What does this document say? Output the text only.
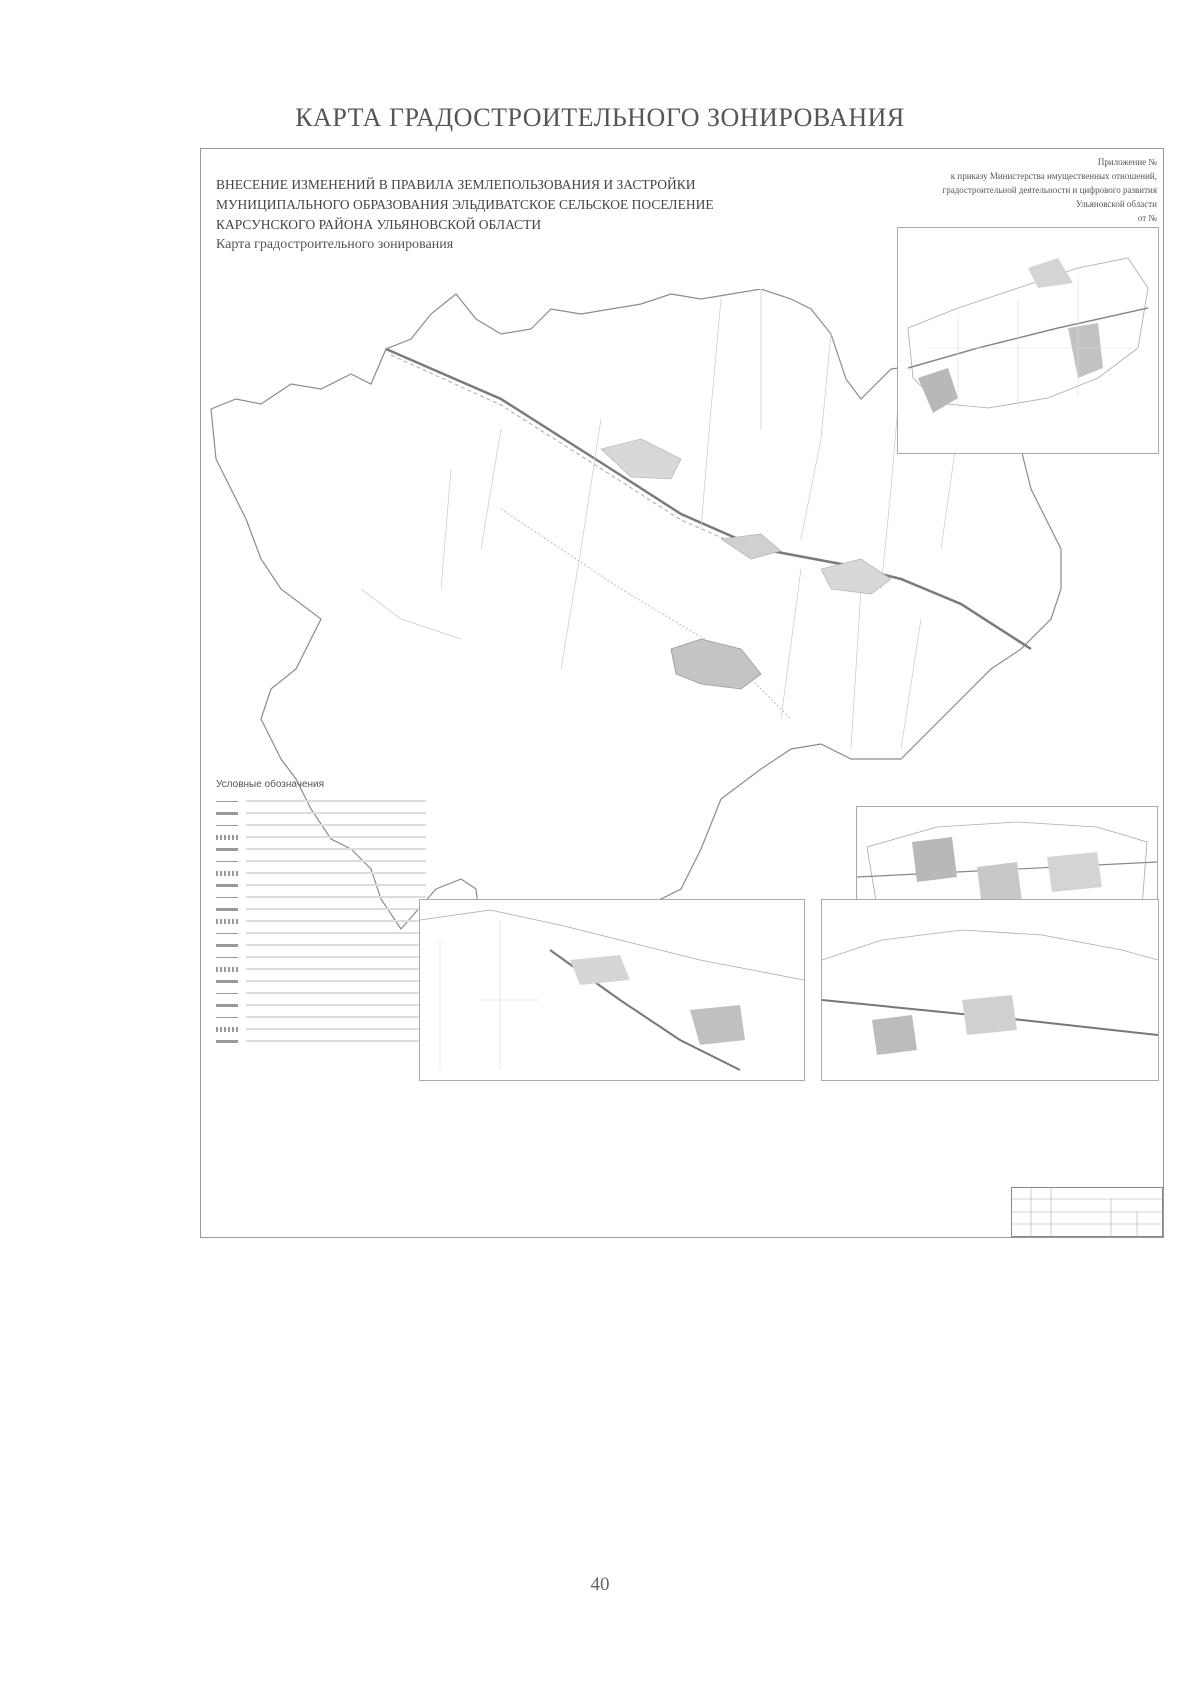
КАРТА ГРАДОСТРОИТЕЛЬНОГО ЗОНИРОВАНИЯ
ВНЕСЕНИЕ ИЗМЕНЕНИЙ В ПРАВИЛА ЗЕМЛЕПОЛЬЗОВАНИЯ И ЗАСТРОЙКИ
МУНИЦИПАЛЬНОГО ОБРАЗОВАНИЯ ЭЛЬДИВАТСКОЕ СЕЛЬСКОЕ ПОСЕЛЕНИЕ
КАРСУНСКОГО РАЙОНА УЛЬЯНОВСКОЙ ОБЛАСТИ
Карта градостроительного зонирования
Приложение №
к приказу Министерства имущественных отношений,
градостроительной деятельности и цифрового развития
Ульяновской области
от №
Условные обозначения
40
